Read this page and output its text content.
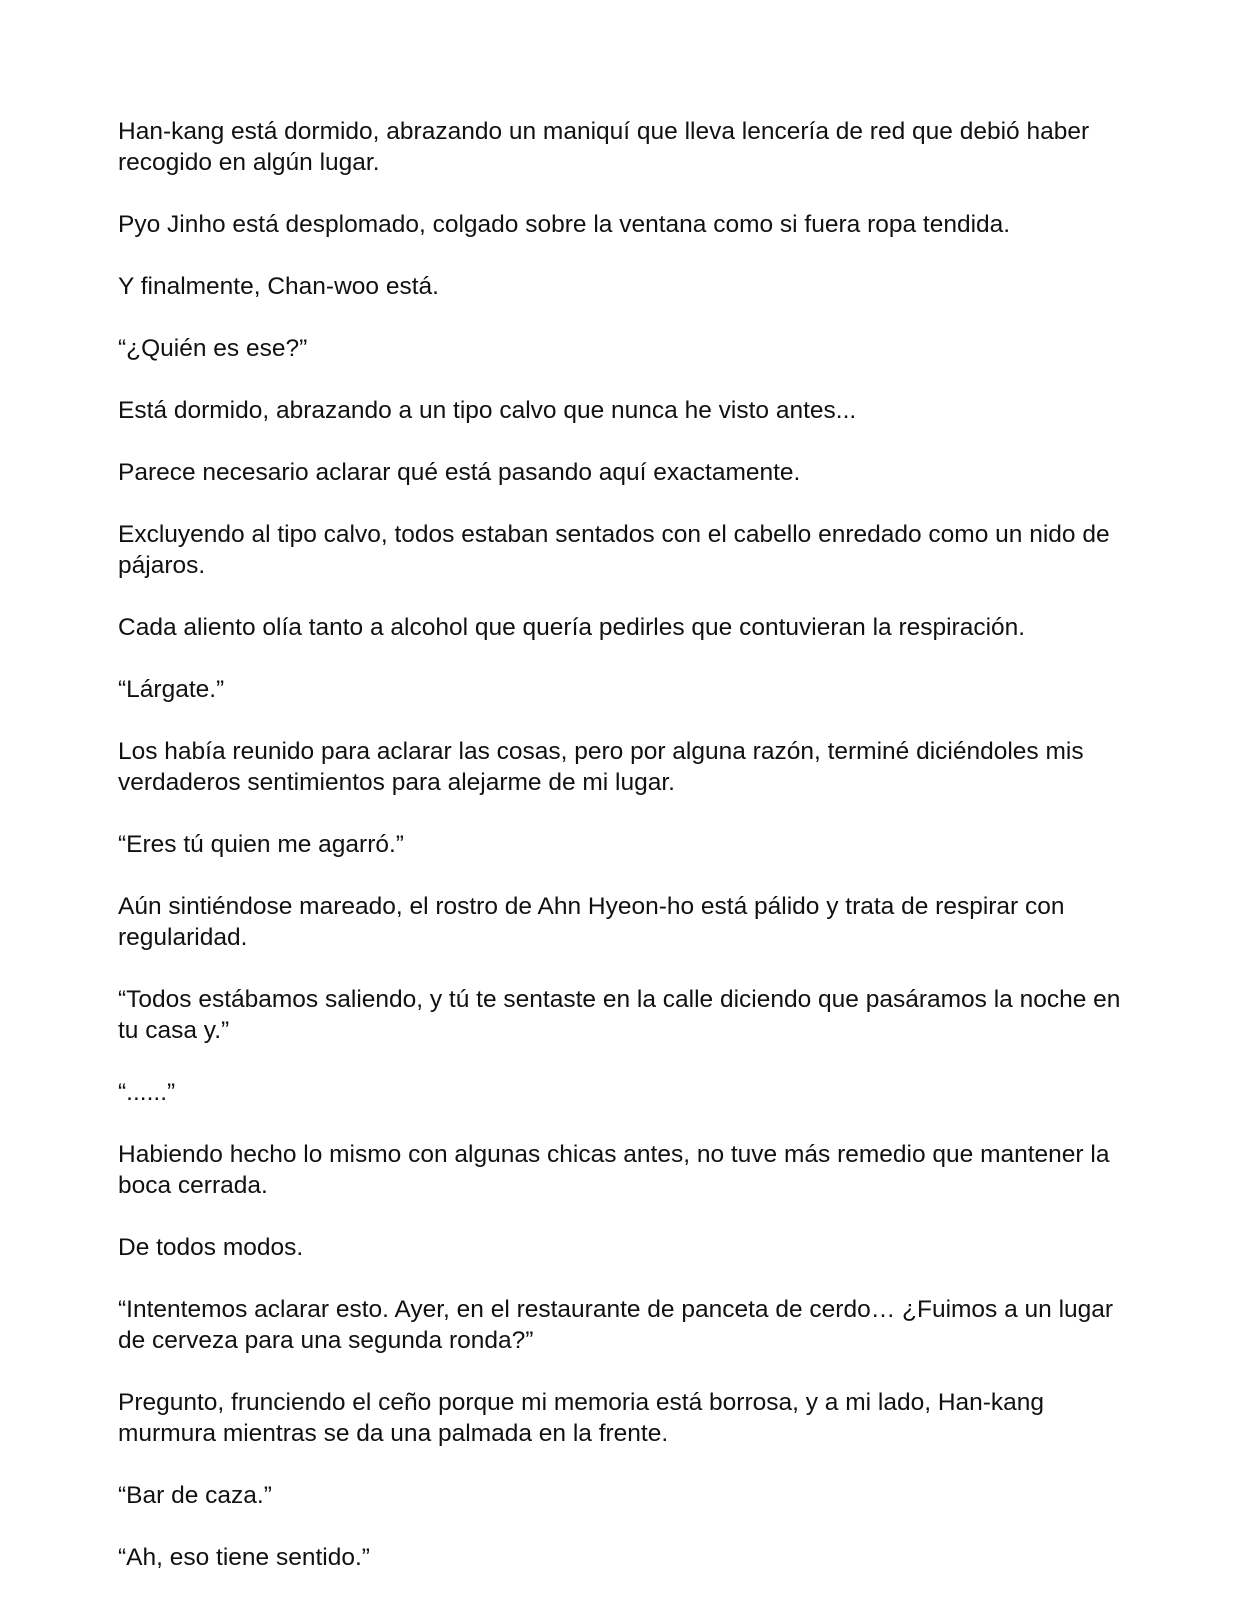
Han-kang está dormido, abrazando un maniquí que lleva lencería de red que debió haber recogido en algún lugar.

Pyo Jinho está desplomado, colgado sobre la ventana como si fuera ropa tendida.

Y finalmente, Chan-woo está.

“¿Quién es ese?”

Está dormido, abrazando a un tipo calvo que nunca he visto antes...

Parece necesario aclarar qué está pasando aquí exactamente.

Excluyendo al tipo calvo, todos estaban sentados con el cabello enredado como un nido de pájaros.

Cada aliento olía tanto a alcohol que quería pedirles que contuvieran la respiración.

“Lárgate.”

Los había reunido para aclarar las cosas, pero por alguna razón, terminé diciéndoles mis verdaderos sentimientos para alejarme de mi lugar.

“Eres tú quien me agarró.”

Aún sintiéndose mareado, el rostro de Ahn Hyeon-ho está pálido y trata de respirar con regularidad.

“Todos estábamos saliendo, y tú te sentaste en la calle diciendo que pasáramos la noche en tu casa y.”

“......”

Habiendo hecho lo mismo con algunas chicas antes, no tuve más remedio que mantener la boca cerrada.

De todos modos.

“Intentemos aclarar esto. Ayer, en el restaurante de panceta de cerdo… ¿Fuimos a un lugar de cerveza para una segunda ronda?”

Pregunto, frunciendo el ceño porque mi memoria está borrosa, y a mi lado, Han-kang murmura mientras se da una palmada en la frente.

“Bar de caza.”

“Ah, eso tiene sentido.”
